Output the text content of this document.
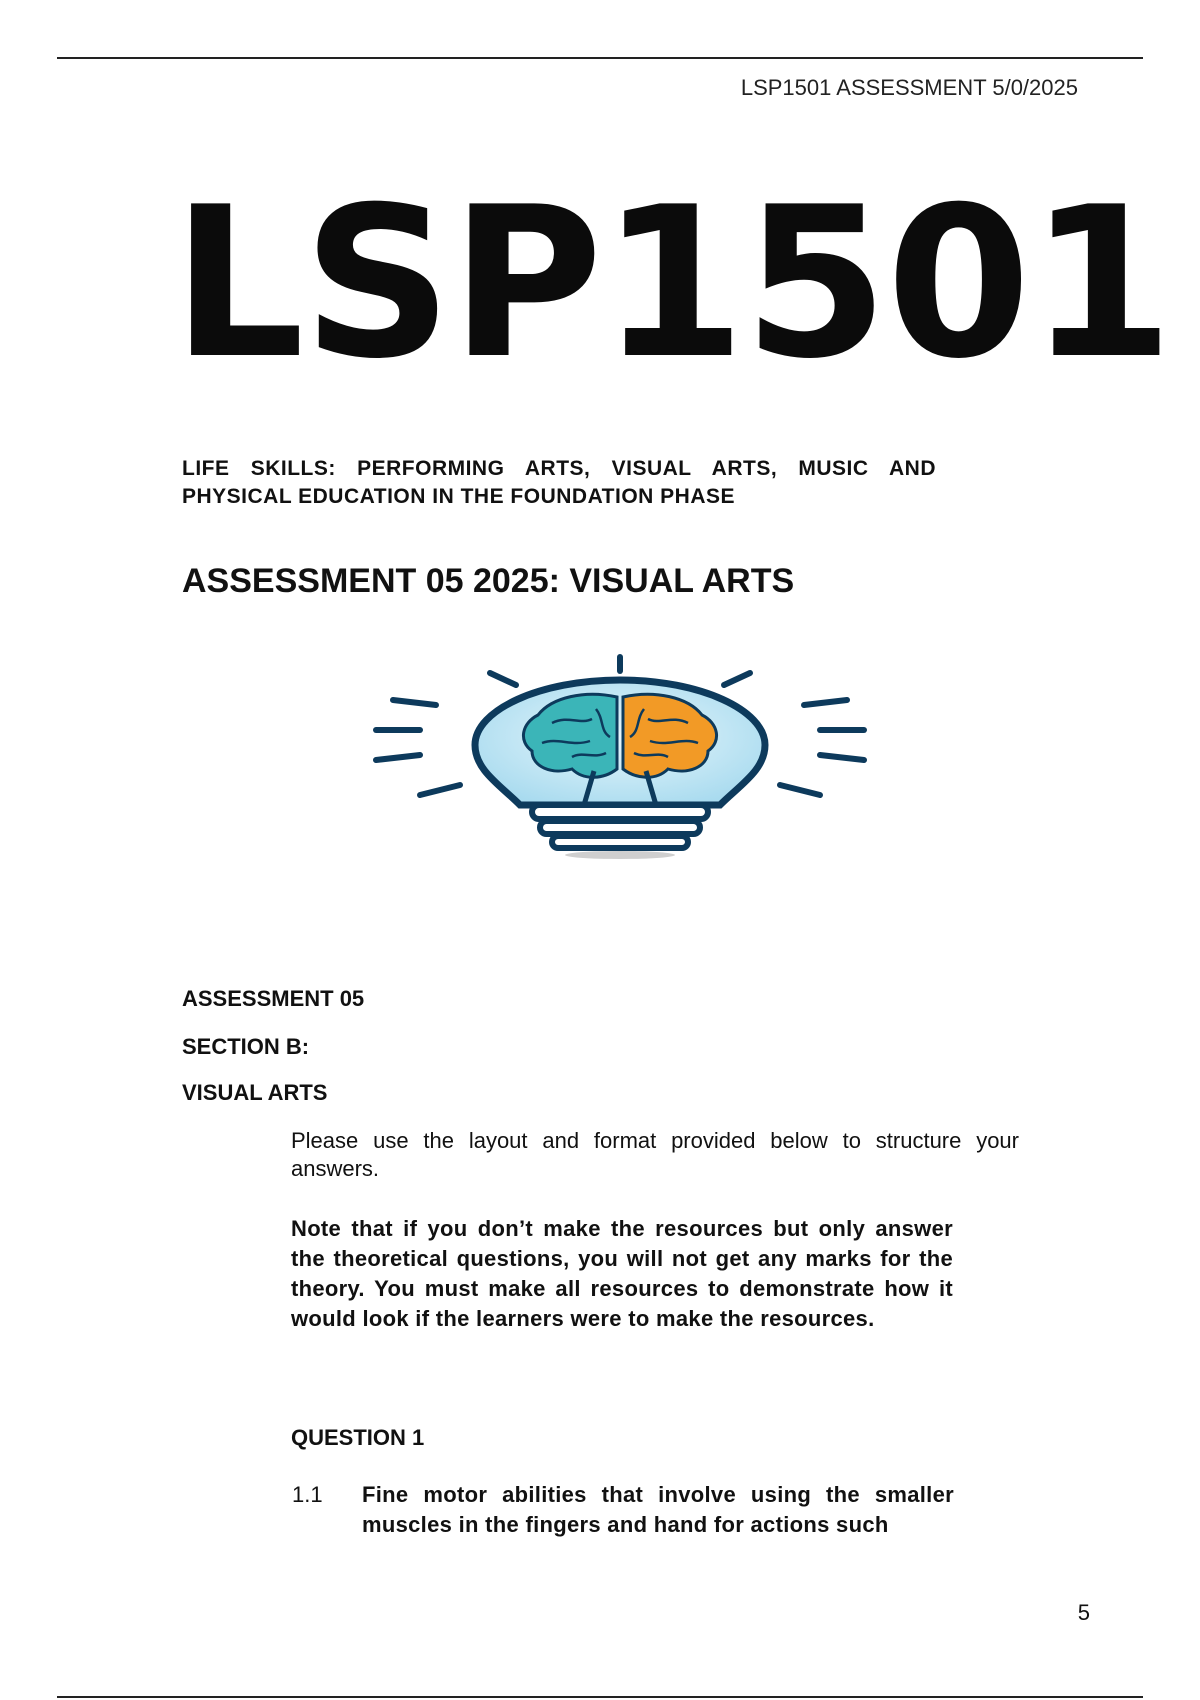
LSP1501 ASSESSMENT 5/0/2025
LSP1501
LIFE SKILLS: PERFORMING ARTS, VISUAL ARTS, MUSIC AND PHYSICAL EDUCATION IN THE FOUNDATION PHASE
ASSESSMENT 05 2025: VISUAL ARTS
ASSESSMENT 05
SECTION B:
VISUAL ARTS
Please use the layout and format provided below to structure your answers.
Note that if you don’t make the resources but only answer the theoretical questions, you will not get any marks for the theory. You must make all resources to demonstrate how it would look if the learners were to make the resources.
QUESTION 1
1.1 Fine motor abilities that involve using the smaller muscles in the fingers and hand for actions such
5
